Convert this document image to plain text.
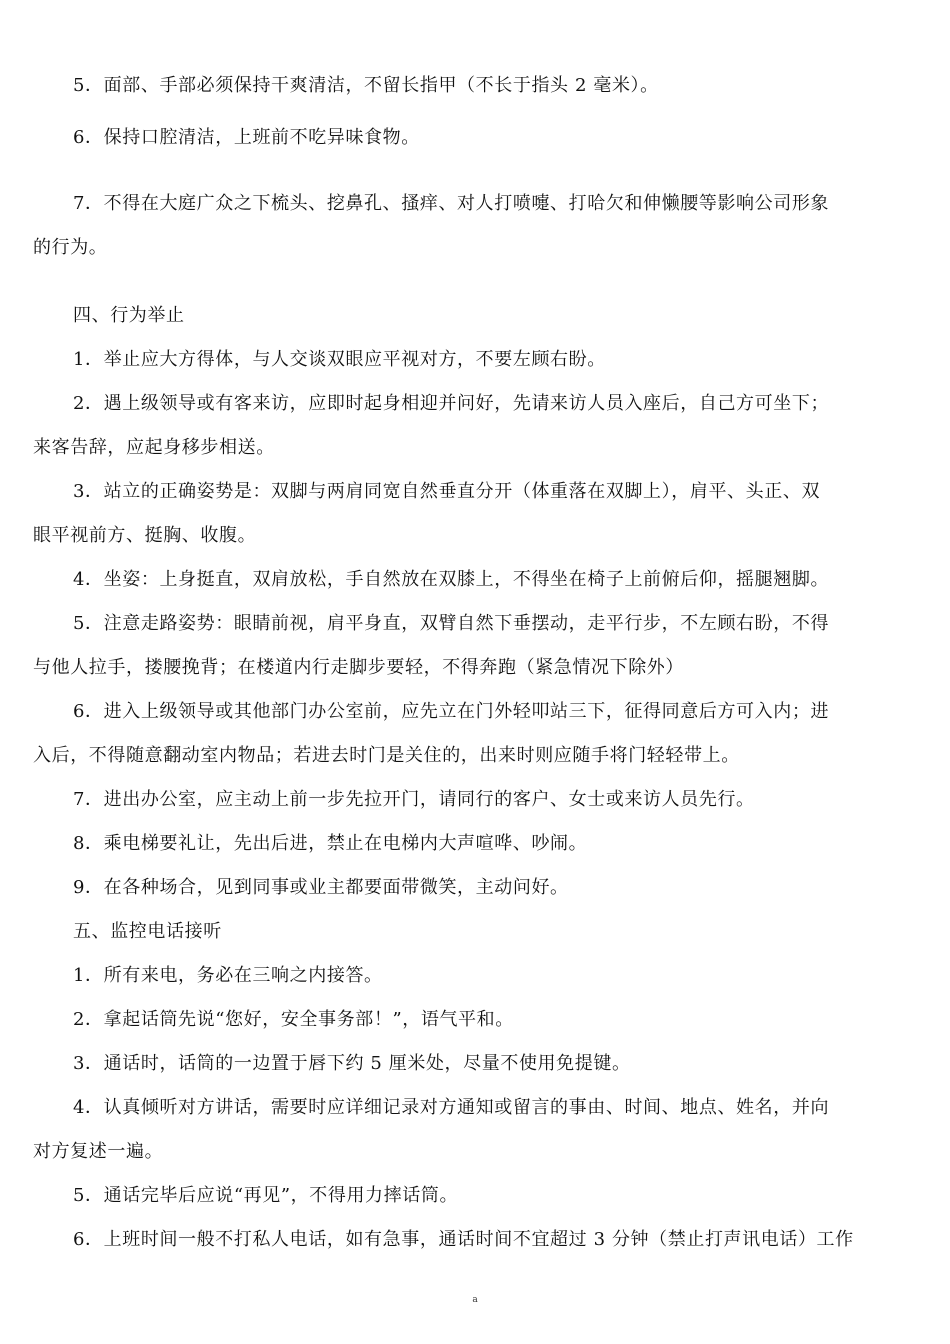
5．面部、手部必须保持干爽清洁，不留长指甲（不长于指头 2 毫米）。
6．保持口腔清洁，上班前不吃异味食物。
7．不得在大庭广众之下梳头、挖鼻孔、搔痒、对人打喷嚏、打哈欠和伸懒腰等影响公司形象
的行为。
四、行为举止
1．举止应大方得体，与人交谈双眼应平视对方，不要左顾右盼。
2．遇上级领导或有客来访，应即时起身相迎并问好，先请来访人员入座后，自己方可坐下；
来客告辞，应起身移步相送。
3．站立的正确姿势是：双脚与两肩同宽自然垂直分开（体重落在双脚上），肩平、头正、双
眼平视前方、挺胸、收腹。
4．坐姿：上身挺直，双肩放松，手自然放在双膝上，不得坐在椅子上前俯后仰，摇腿翘脚。
5．注意走路姿势：眼睛前视，肩平身直，双臂自然下垂摆动，走平行步，不左顾右盼，不得
与他人拉手，搂腰挽背；在楼道内行走脚步要轻，不得奔跑（紧急情况下除外）
6．进入上级领导或其他部门办公室前，应先立在门外轻叩站三下，征得同意后方可入内；进
入后，不得随意翻动室内物品；若进去时门是关住的，出来时则应随手将门轻轻带上。
7．进出办公室，应主动上前一步先拉开门，请同行的客户、女士或来访人员先行。
8．乘电梯要礼让，先出后进，禁止在电梯内大声喧哗、吵闹。
9．在各种场合，见到同事或业主都要面带微笑，主动问好。
五、监控电话接听
1．所有来电，务必在三响之内接答。
2．拿起话筒先说“您好，安全事务部！”，语气平和。
3．通话时，话筒的一边置于唇下约 5 厘米处，尽量不使用免提键。
4．认真倾听对方讲话，需要时应详细记录对方通知或留言的事由、时间、地点、姓名，并向
对方复述一遍。
5．通话完毕后应说“再见”，不得用力摔话筒。
6．上班时间一般不打私人电话，如有急事，通话时间不宜超过 3 分钟（禁止打声讯电话）工作
a
